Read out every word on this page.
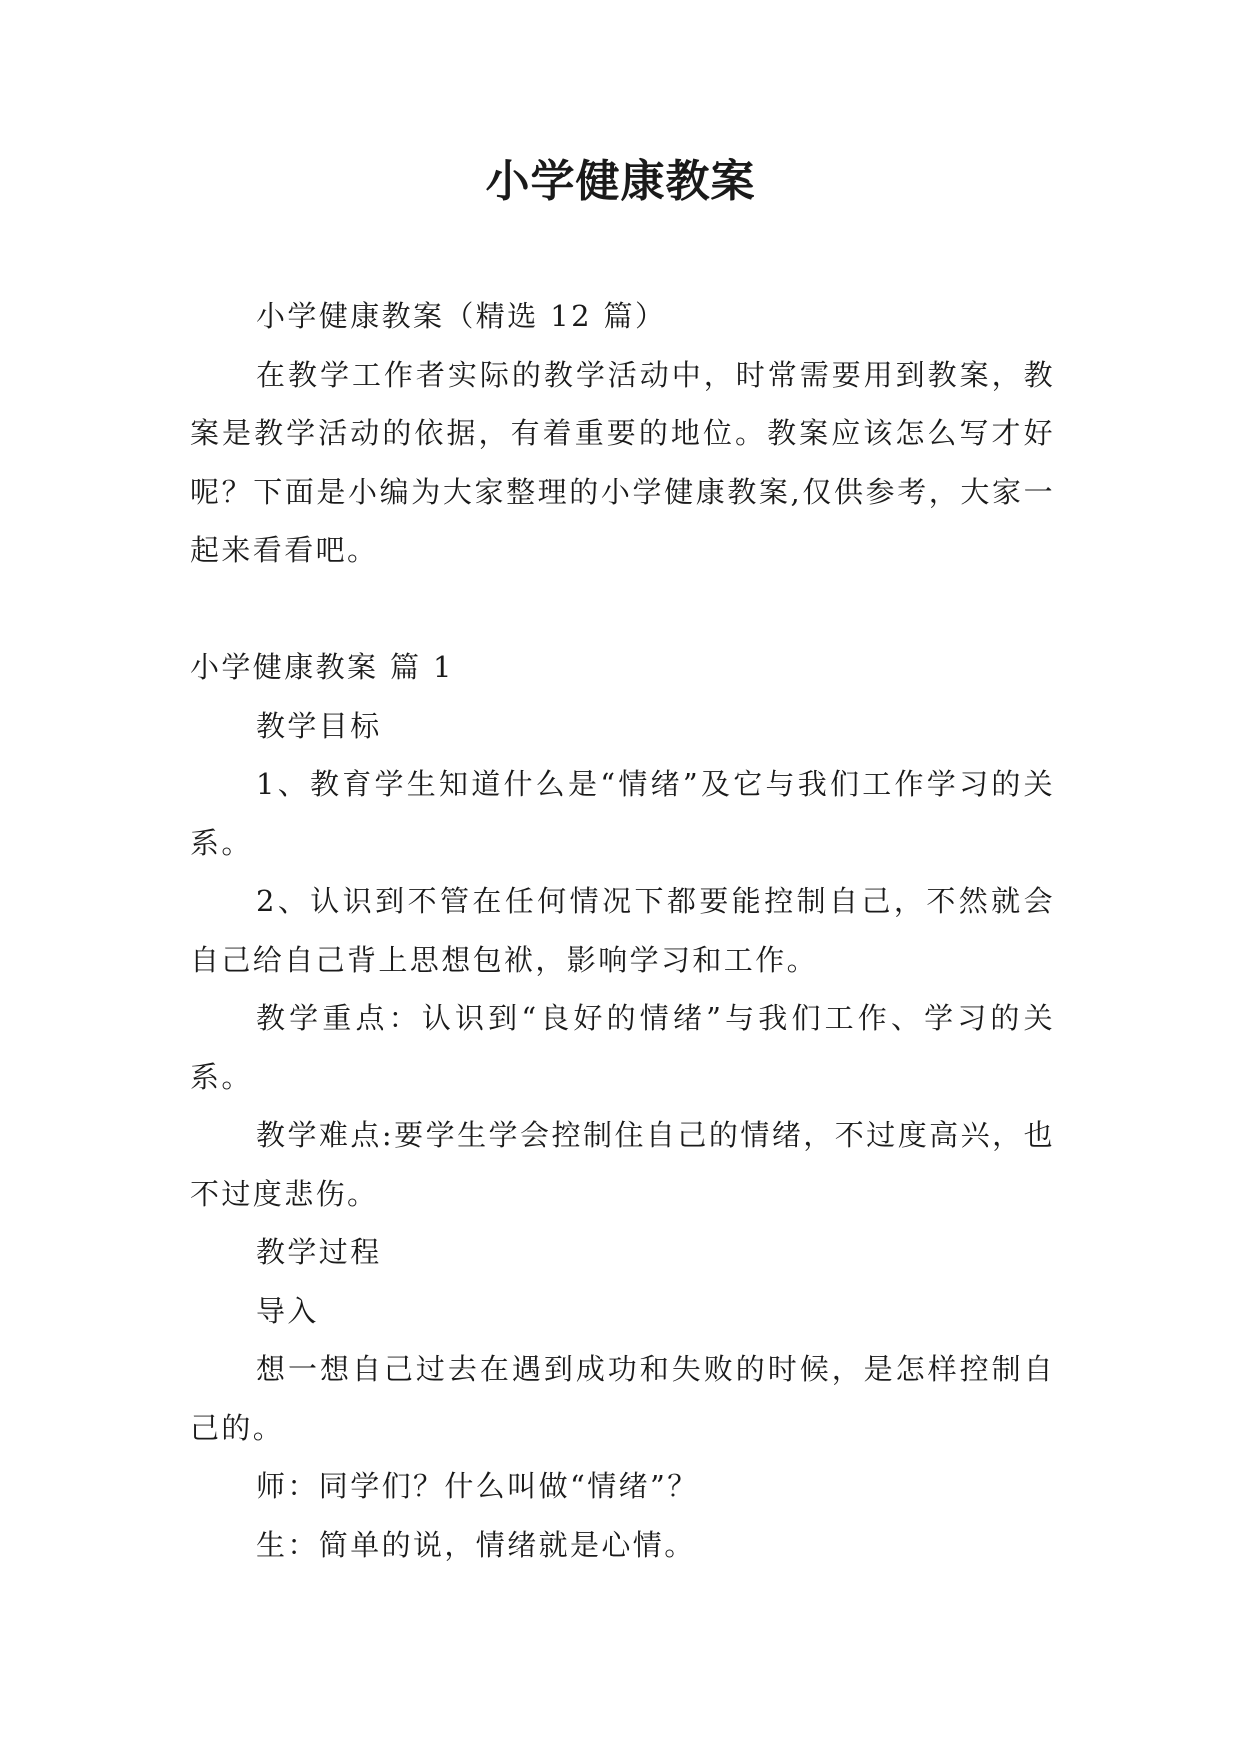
小学健康教案

小学健康教案（精选 12 篇）

在教学工作者实际的教学活动中，时常需要用到教案，教案是教学活动的依据，有着重要的地位。教案应该怎么写才好呢？下面是小编为大家整理的小学健康教案,仅供参考，大家一起来看看吧。

小学健康教案 篇 1

教学目标

1、教育学生知道什么是“情绪”及它与我们工作学习的关系。

2、认识到不管在任何情况下都要能控制自己，不然就会自己给自己背上思想包袱，影响学习和工作。

教学重点：认识到“良好的情绪”与我们工作、学习的关系。

教学难点:要学生学会控制住自己的情绪，不过度高兴，也不过度悲伤。

教学过程

导入

想一想自己过去在遇到成功和失败的时候，是怎样控制自己的。

师：同学们？什么叫做“情绪”？

生：简单的说，情绪就是心情。
